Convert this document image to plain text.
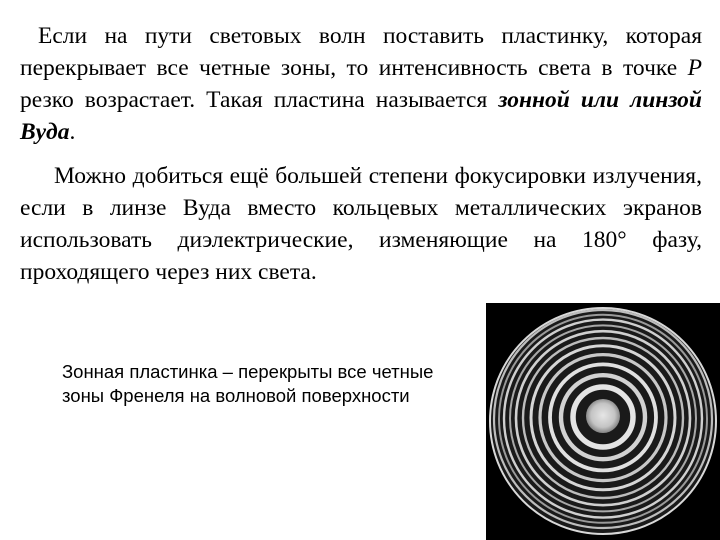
Если на пути световых волн поставить пластинку, которая перекрывает все четные зоны, то интенсивность света в точке P резко возрастает. Такая пластина называется зонной или линзой Вуда.

Можно добиться ещё большей степени фокусировки излучения, если в линзе Вуда вместо кольцевых металлических экранов использовать диэлектрические, изменяющие на 180° фазу, проходящего через них света.

Зонная пластинка – перекрыты все четные зоны Френеля на волновой поверхности
